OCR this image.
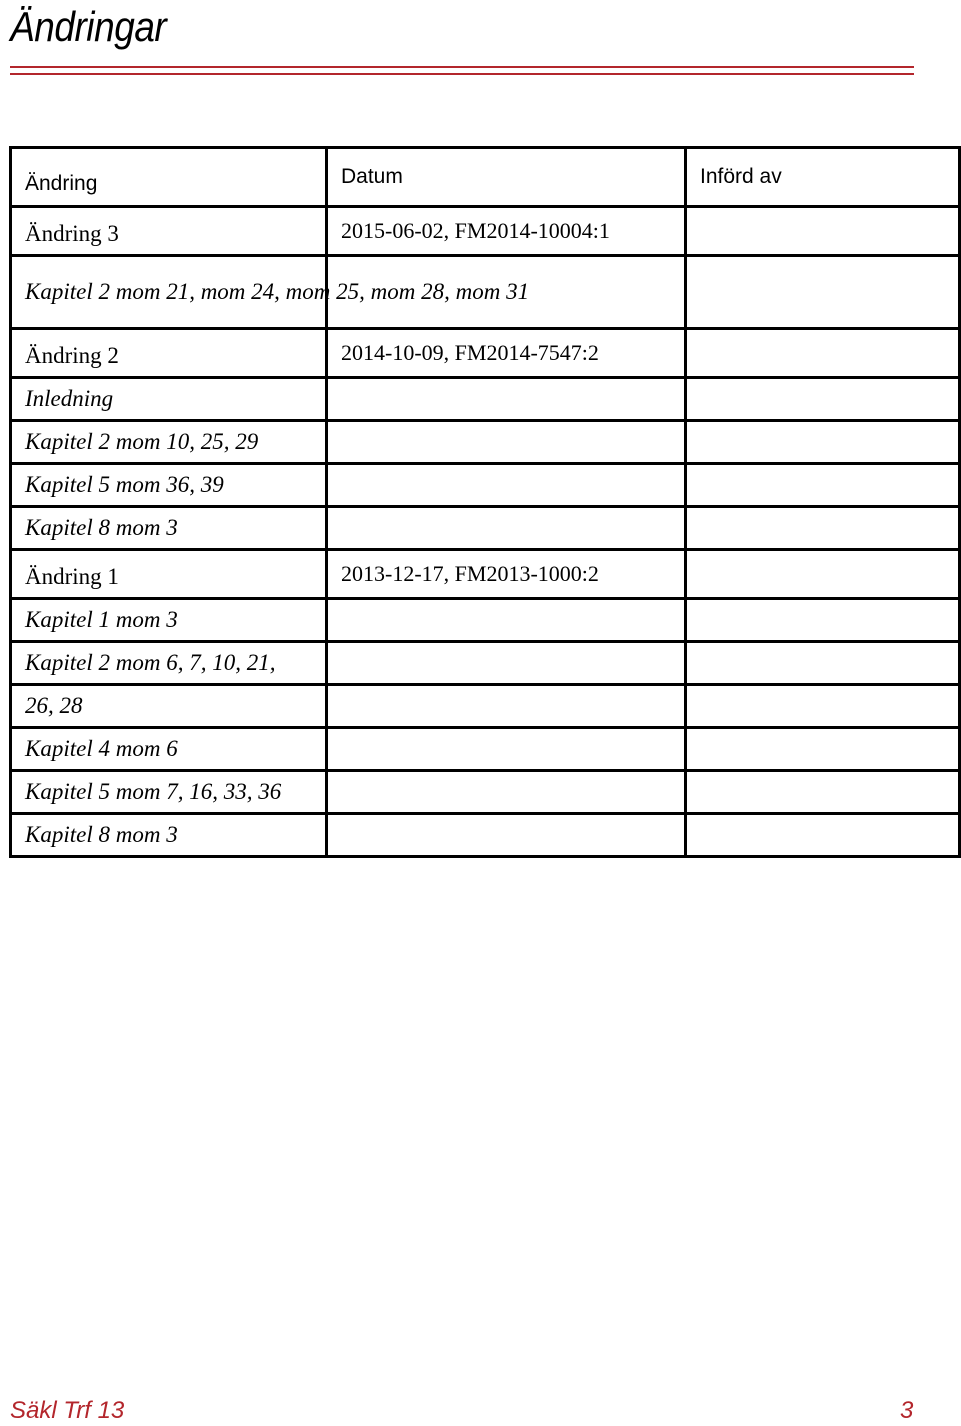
Ändringar
Ändring	Datum	Införd av
Ändring 3	2015-06-02, FM2014-10004:1	
Kapitel 2 mom 21, mom 24, mom 25, mom 28, mom 31		
Ändring 2	2014-10-09, FM2014-7547:2	
Inledning		
Kapitel 2 mom 10, 25, 29		
Kapitel 5 mom 36, 39		
Kapitel 8 mom 3		
Ändring 1	2013-12-17, FM2013-1000:2	
Kapitel 1 mom 3		
Kapitel 2 mom 6, 7, 10, 21,		
26, 28		
Kapitel 4 mom 6		
Kapitel 5 mom 7, 16, 33, 36		
Kapitel 8 mom 3		
Säkl Trf 13	3
